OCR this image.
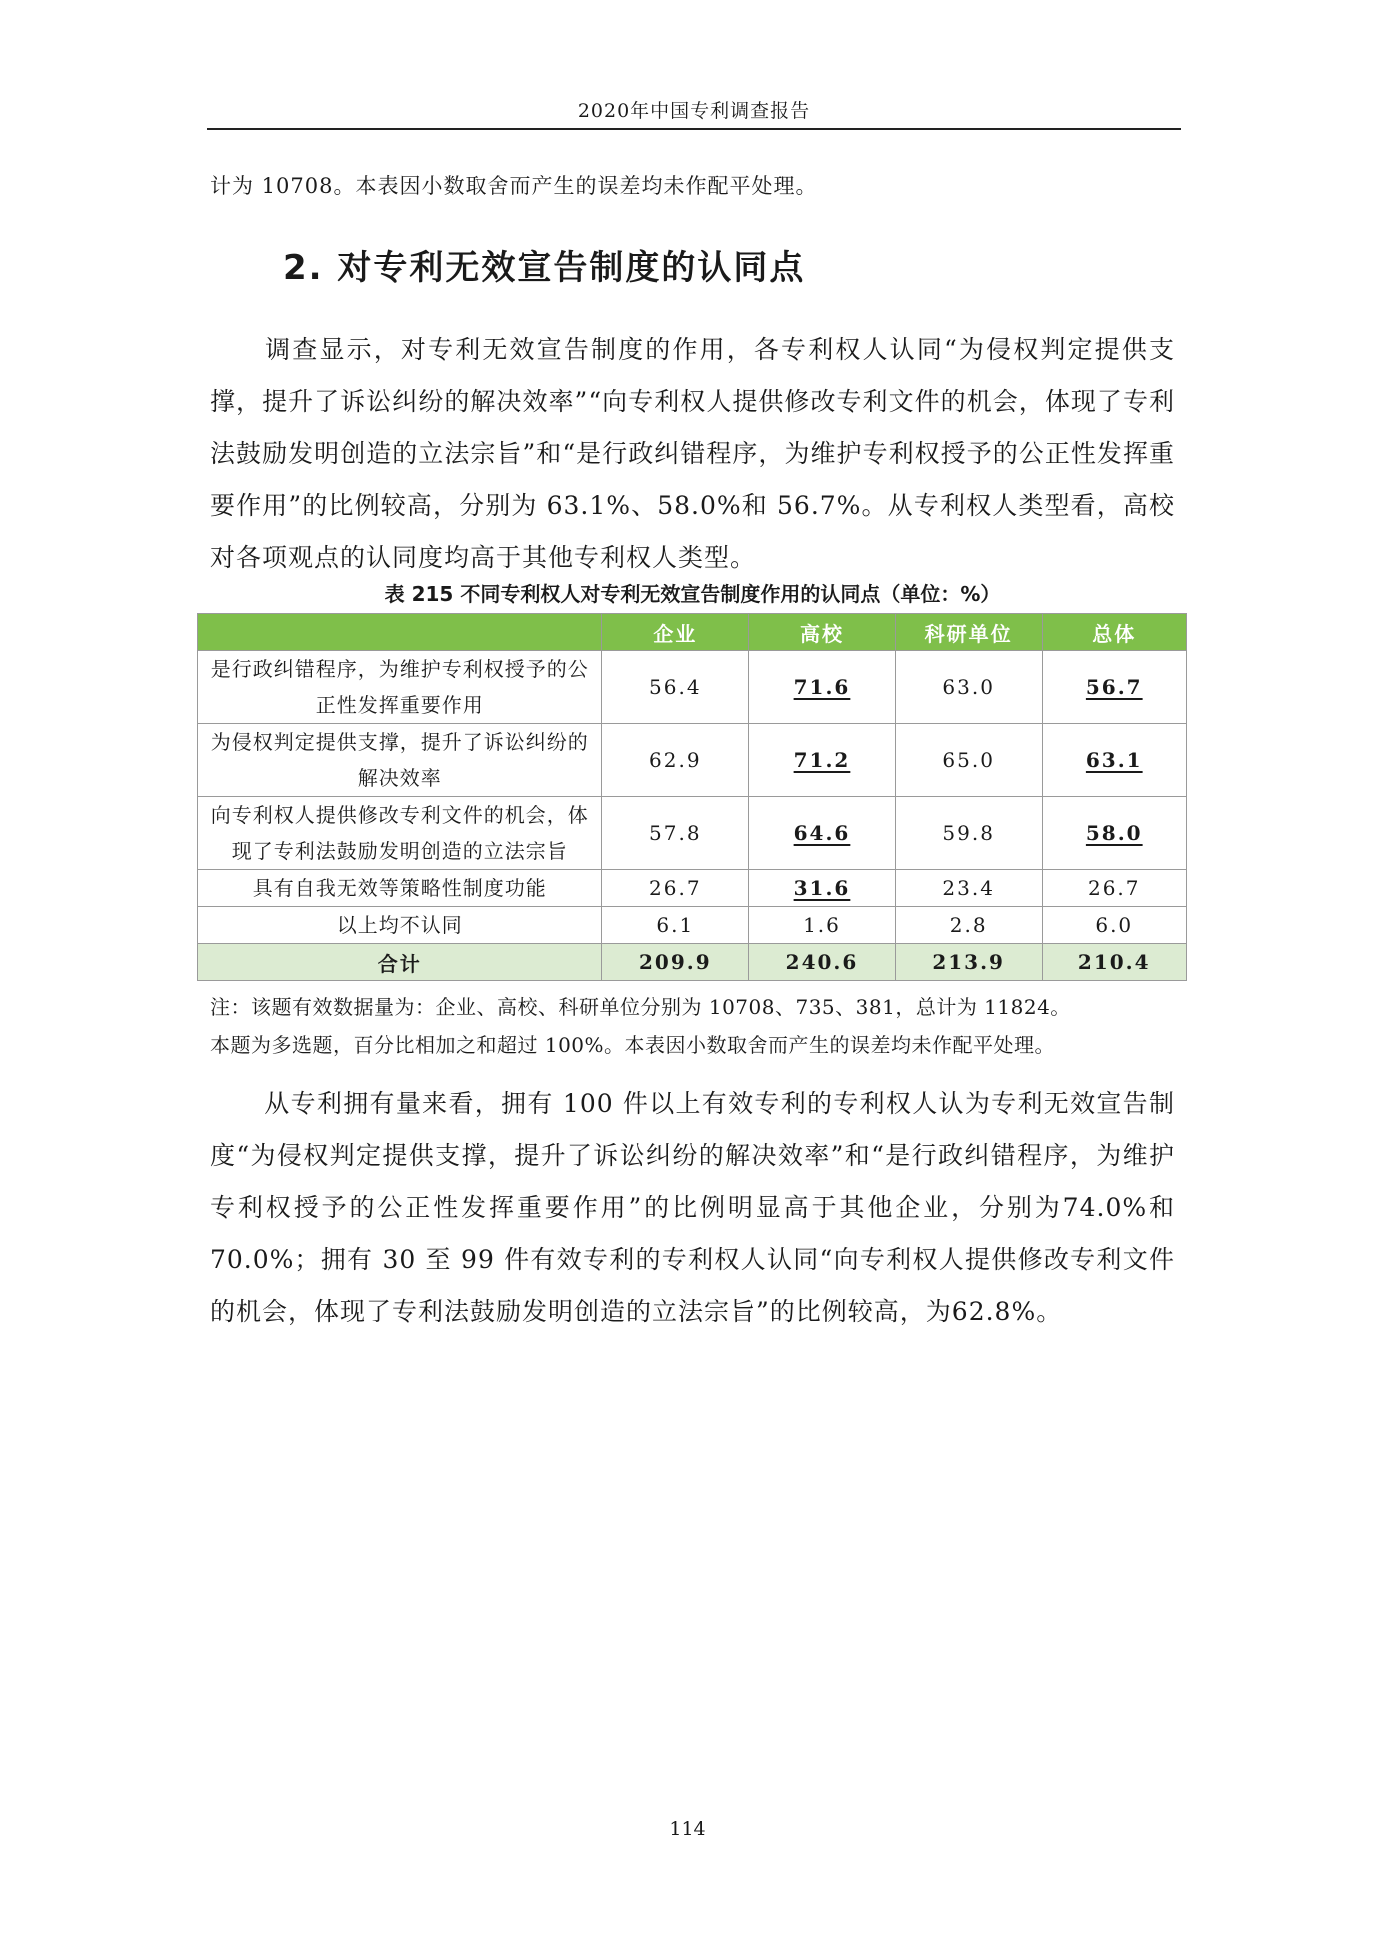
2020年中国专利调查报告
计为 10708。本表因小数取舍而产生的误差均未作配平处理。
2. 对专利无效宣告制度的认同点

调查显示，对专利无效宣告制度的作用，各专利权人认同“为侵权判定提供支撑，提升了诉讼纠纷的解决效率”“向专利权人提供修改专利文件的机会，体现了专利法鼓励发明创造的立法宗旨”和“是行政纠错程序，为维护专利权授予的公正性发挥重要作用”的比例较高，分别为 63.1%、58.0%和 56.7%。从专利权人类型看，高校对各项观点的认同度均高于其他专利权人类型。

表 215 不同专利权人对专利无效宣告制度作用的认同点（单位：%）
	企业	高校	科研单位	总体
是行政纠错程序，为维护专利权授予的公正性发挥重要作用	56.4	71.6	63.0	56.7
为侵权判定提供支撑，提升了诉讼纠纷的解决效率	62.9	71.2	65.0	63.1
向专利权人提供修改专利文件的机会，体现了专利法鼓励发明创造的立法宗旨	57.8	64.6	59.8	58.0
具有自我无效等策略性制度功能	26.7	31.6	23.4	26.7
以上均不认同	6.1	1.6	2.8	6.0
合计	209.9	240.6	213.9	210.4
注：该题有效数据量为：企业、高校、科研单位分别为 10708、735、381，总计为 11824。
本题为多选题，百分比相加之和超过 100%。本表因小数取舍而产生的误差均未作配平处理。

从专利拥有量来看，拥有 100 件以上有效专利的专利权人认为专利无效宣告制度“为侵权判定提供支撑，提升了诉讼纠纷的解决效率”和“是行政纠错程序，为维护专利权授予的公正性发挥重要作用”的比例明显高于其他企业，分别为74.0%和 70.0%；拥有 30 至 99 件有效专利的专利权人认同“向专利权人提供修改专利文件的机会，体现了专利法鼓励发明创造的立法宗旨”的比例较高，为62.8%。

114
